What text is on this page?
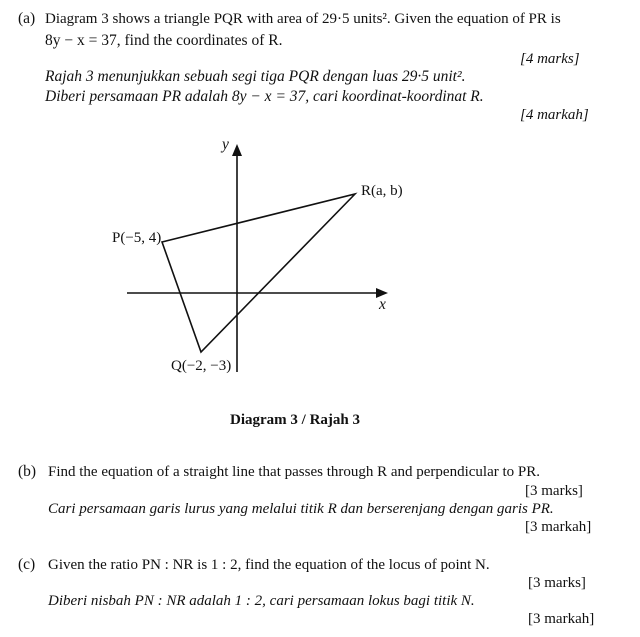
(a) Diagram 3 shows a triangle PQR with area of 29·5 units². Given the equation of PR is
8y − x = 37, find the coordinates of R.
[4 marks]
Rajah 3 menunjukkan sebuah segi tiga PQR dengan luas 29·5 unit².
Diberi persamaan PR adalah 8y − x = 37, cari koordinat-koordinat R.
[4 markah]
y
x
P(−5, 4)
Q(−2, −3)
R(a, b)
Diagram 3 / Rajah 3
(b) Find the equation of a straight line that passes through R and perpendicular to PR.
[3 marks]
Cari persamaan garis lurus yang melalui titik R dan berserenjang dengan garis PR.
[3 markah]
(c) Given the ratio PN : NR is 1 : 2, find the equation of the locus of point N.
[3 marks]
Diberi nisbah PN : NR adalah 1 : 2, cari persamaan lokus bagi titik N.
[3 markah]
